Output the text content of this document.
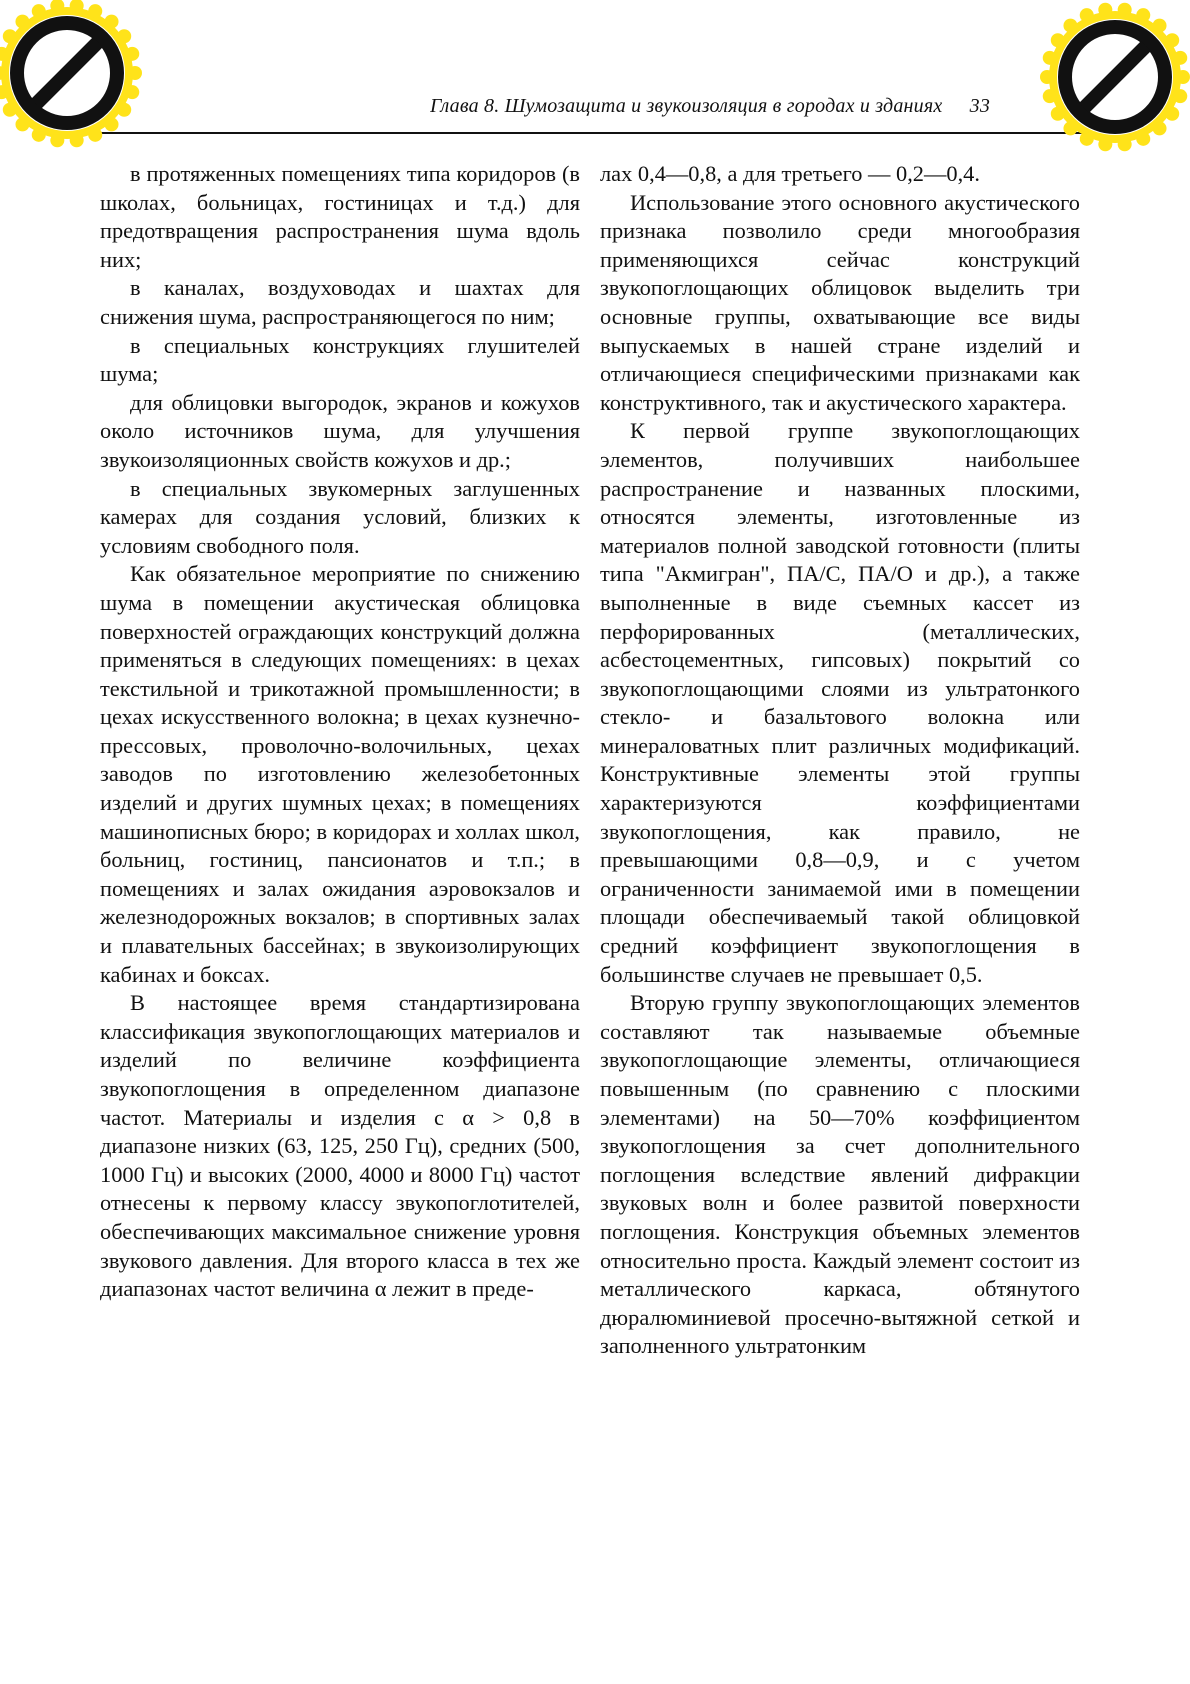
Глава 8. Шумозащита и звукоизоляция в городах и зданиях 33

в протяженных помещениях типа коридоров (в школах, больницах, гостиницах и т.д.) для предотвращения распространения шума вдоль них;

в каналах, воздуховодах и шахтах для снижения шума, распространяющегося по ним;

в специальных конструкциях глушителей шума;

для облицовки выгородок, экранов и кожухов около источников шума, для улучшения звукоизоляционных свойств кожухов и др.;

в специальных звукомерных заглушенных камерах для создания условий, близких к условиям свободного поля.

Как обязательное мероприятие по снижению шума в помещении акустическая облицовка поверхностей ограждающих конструкций должна применяться в следующих помещениях: в цехах текстильной и трикотажной промышленности; в цехах искусственного волокна; в цехах кузнечно-прессовых, проволочно-волочильных, цехах заводов по изготовлению железобетонных изделий и других шумных цехах; в помещениях машинописных бюро; в коридорах и холлах школ, больниц, гостиниц, пансионатов и т.п.; в помещениях и залах ожидания аэровокзалов и железнодорожных вокзалов; в спортивных залах и плавательных бассейнах; в звукоизолирующих кабинах и боксах.

В настоящее время стандартизирована классификация звукопоглощающих материалов и изделий по величине коэффициента звукопоглощения в определенном диапазоне частот. Материалы и изделия с α > 0,8 в диапазоне низких (63, 125, 250 Гц), средних (500, 1000 Гц) и высоких (2000, 4000 и 8000 Гц) частот отнесены к первому классу звукопоглотителей, обеспечивающих максимальное снижение уровня звукового давления. Для второго класса в тех же диапазонах частот величина α лежит в преде-

лах 0,4—0,8, а для третьего — 0,2—0,4.

Использование этого основного акустического признака позволило среди многообразия применяющихся сейчас конструкций звукопоглощающих облицовок выделить три основные группы, охватывающие все виды выпускаемых в нашей стране изделий и отличающиеся специфическими признаками как конструктивного, так и акустического характера.

К первой группе звукопоглощающих элементов, получивших наибольшее распространение и названных плоскими, относятся элементы, изготовленные из материалов полной заводской готовности (плиты типа "Акмигран", ПА/С, ПА/О и др.), а также выполненные в виде съемных кассет из перфорированных (металлических, асбестоцементных, гипсовых) покрытий со звукопоглощающими слоями из ультратонкого стекло- и базальтового волокна или минераловатных плит различных модификаций. Конструктивные элементы этой группы характеризуются коэффициентами звукопоглощения, как правило, не превышающими 0,8—0,9, и с учетом ограниченности занимаемой ими в помещении площади обеспечиваемый такой облицовкой средний коэффициент звукопоглощения в большинстве случаев не превышает 0,5.

Вторую группу звукопоглощающих элементов составляют так называемые объемные звукопоглощающие элементы, отличающиеся повышенным (по сравнению с плоскими элементами) на 50—70% коэффициентом звукопоглощения за счет дополнительного поглощения вследствие явлений дифракции звуковых волн и более развитой поверхности поглощения. Конструкция объемных элементов относительно проста. Каждый элемент состоит из металлического каркаса, обтянутого дюралюминиевой просечно-вытяжной сеткой и заполненного ультратонким
